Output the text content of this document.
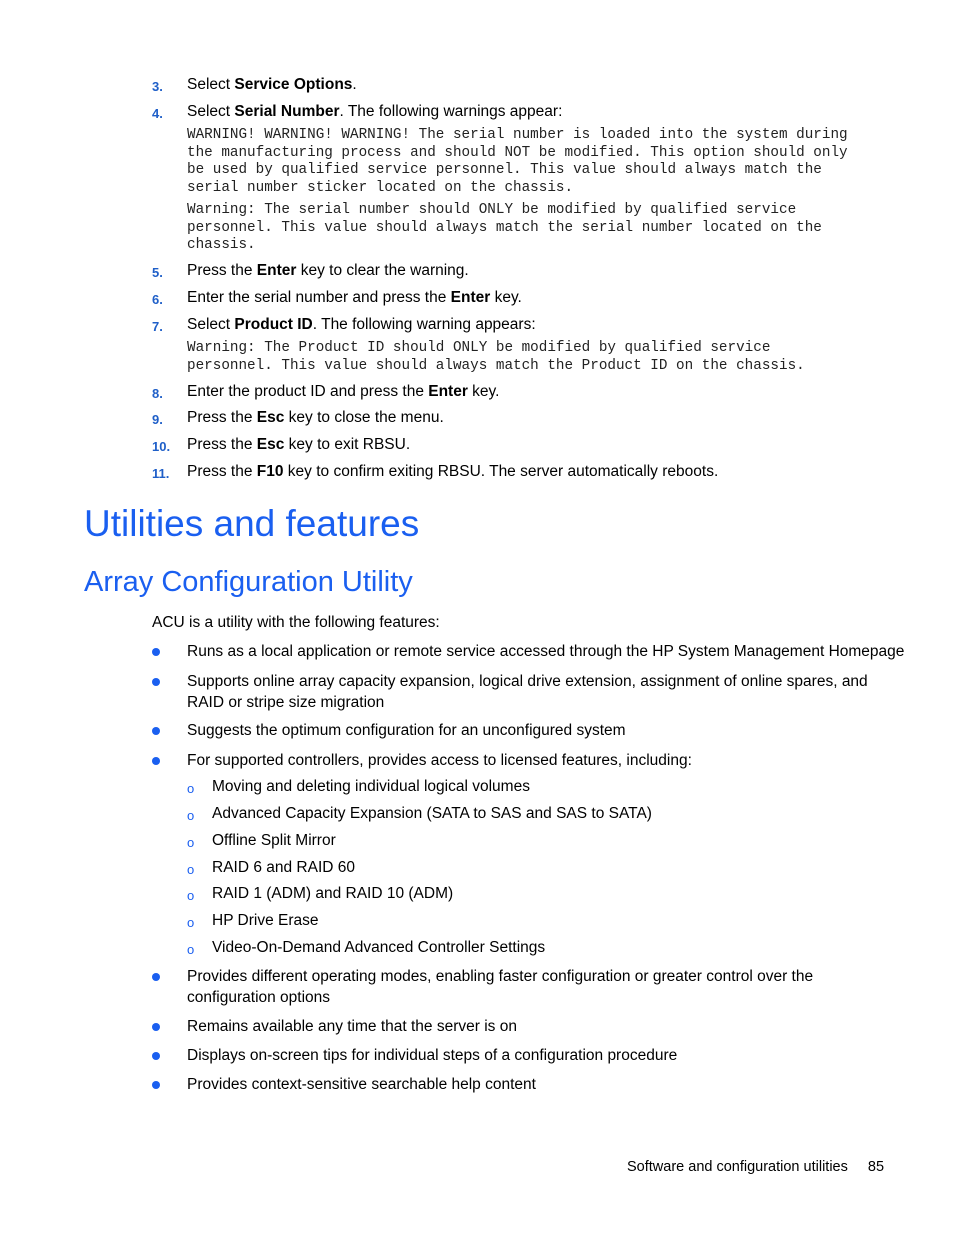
3. Select Service Options.
4. Select Serial Number. The following warnings appear:
WARNING! WARNING! WARNING! The serial number is loaded into the system during
the manufacturing process and should NOT be modified. This option should only
be used by qualified service personnel. This value should always match the
serial number sticker located on the chassis.
Warning: The serial number should ONLY be modified by qualified service
personnel. This value should always match the serial number located on the
chassis.
5. Press the Enter key to clear the warning.
6. Enter the serial number and press the Enter key.
7. Select Product ID. The following warning appears:
Warning: The Product ID should ONLY be modified by qualified service
personnel. This value should always match the Product ID on the chassis.
8. Enter the product ID and press the Enter key.
9. Press the Esc key to close the menu.
10. Press the Esc key to exit RBSU.
11. Press the F10 key to confirm exiting RBSU. The server automatically reboots.
Utilities and features
Array Configuration Utility
ACU is a utility with the following features:
Runs as a local application or remote service accessed through the HP System Management Homepage
Supports online array capacity expansion, logical drive extension, assignment of online spares, and
RAID or stripe size migration
Suggests the optimum configuration for an unconfigured system
For supported controllers, provides access to licensed features, including:
o Moving and deleting individual logical volumes
o Advanced Capacity Expansion (SATA to SAS and SAS to SATA)
o Offline Split Mirror
o RAID 6 and RAID 60
o RAID 1 (ADM) and RAID 10 (ADM)
o HP Drive Erase
o Video-On-Demand Advanced Controller Settings
Provides different operating modes, enabling faster configuration or greater control over the
configuration options
Remains available any time that the server is on
Displays on-screen tips for individual steps of a configuration procedure
Provides context-sensitive searchable help content
Software and configuration utilities 85
